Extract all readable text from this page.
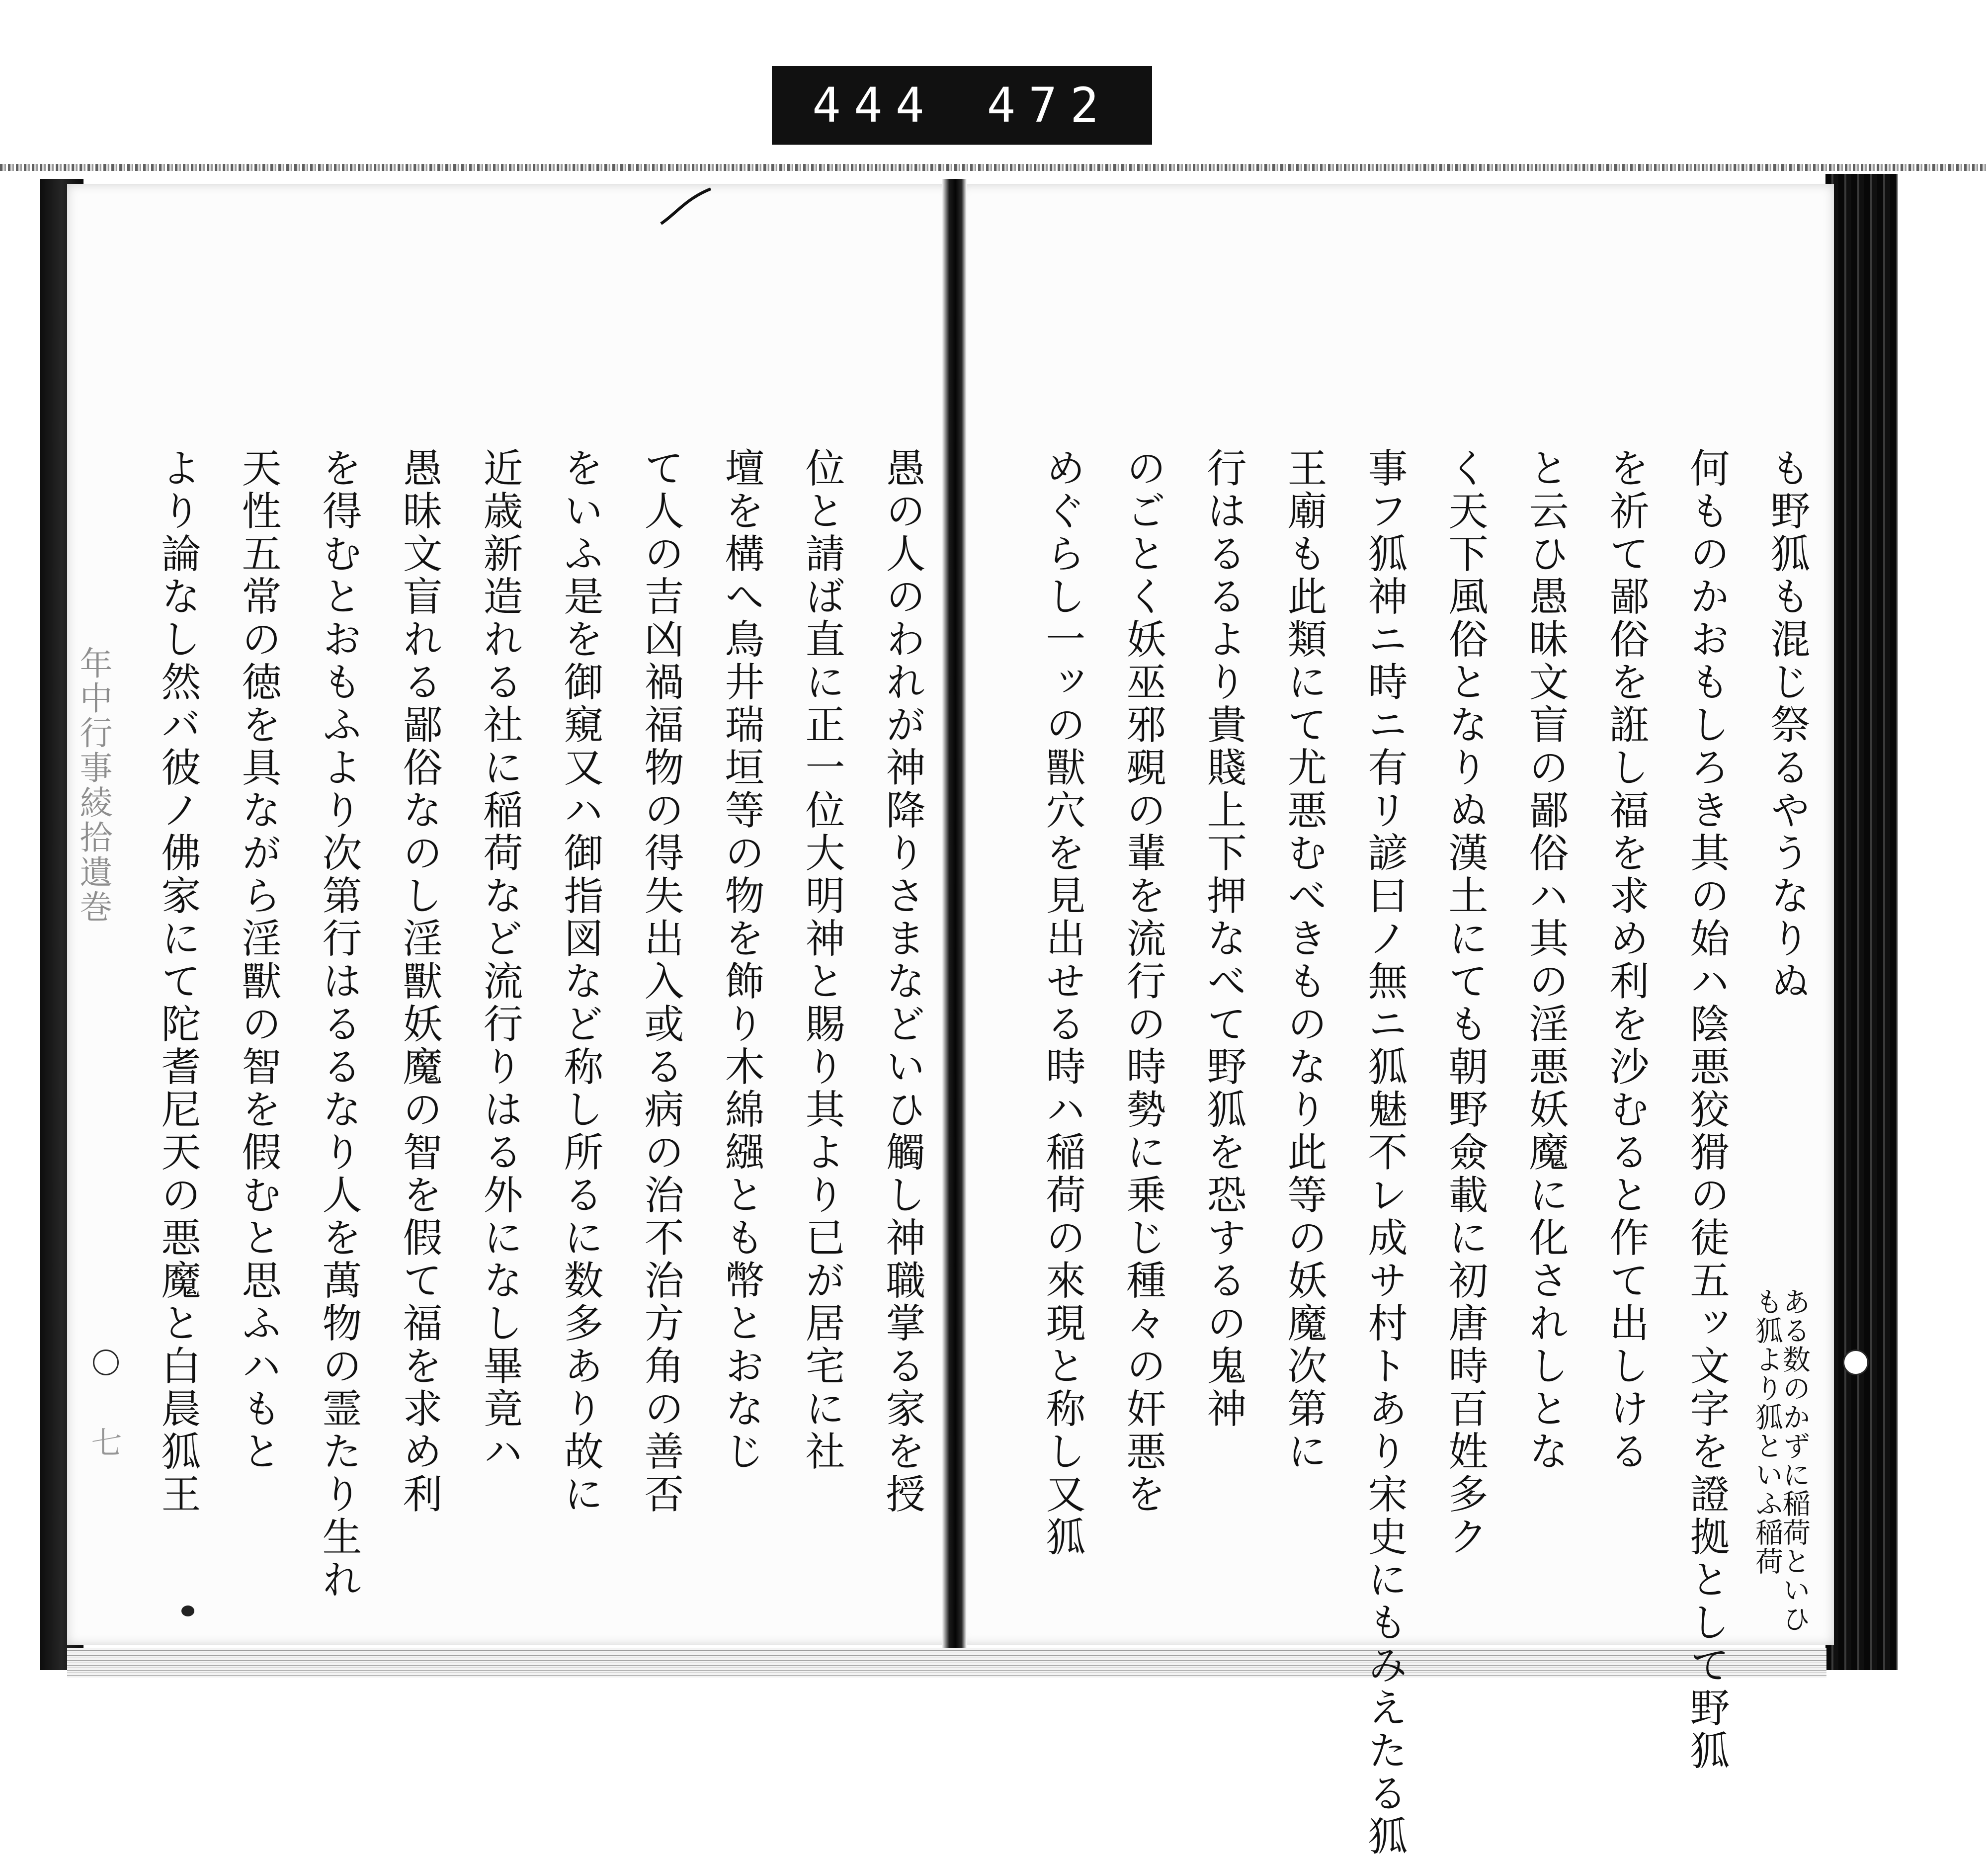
444 472
年中行事綾拾遺巻
七
も野狐も混じ祭るやうなりぬ
何ものかおもしろき其の始ハ陰悪狡猾の徒五ッ文字を證拠として野狐
を祈て鄙俗を誑し福を求め利を沙むると作て出しける
と云ひ愚昧文盲の鄙俗ハ其の淫悪妖魔に化されしとな
く天下風俗となりぬ漢土にても朝野僉載に初唐時百姓多ク
事フ狐神ニ時ニ有リ諺曰ノ無ニ狐魅不レ成サ村トあり宋史にもみえたる狐
王廟も此類にて尤悪むべきものなり此等の妖魔次第に
行はるるより貴賤上下押なべて野狐を恐するの鬼神
のごとく妖巫邪覡の輩を流行の時勢に乗じ種々の奸悪を
めぐらし一ッの獸穴を見出せる時ハ稲荷の來現と称し又狐	ある数のかずに稲荷といひ
も狐より狐といふ稲荷
愚の人のわれが神降りさまなどいひ觸し神職掌る家を授
位と請ば直に正一位大明神と賜り其より已が居宅に社
壇を構へ鳥井瑞垣等の物を飾り木綿繦とも幣とおなじ
て人の吉凶禍福物の得失出入或る病の治不治方角の善否
をいふ是を御窺又ハ御指図など称し所るに数多あり故に
近歳新造れる社に稲荷など流行りはる外になし畢竟ハ
愚昧文盲れる鄙俗なのし淫獸妖魔の智を假て福を求め利
を得むとおもふより次第行はるるなり人を萬物の霊たり生れ
天性五常の徳を具ながら淫獸の智を假むと思ふハもと
より論なし然バ彼ノ佛家にて陀耆尼天の悪魔と白晨狐王
